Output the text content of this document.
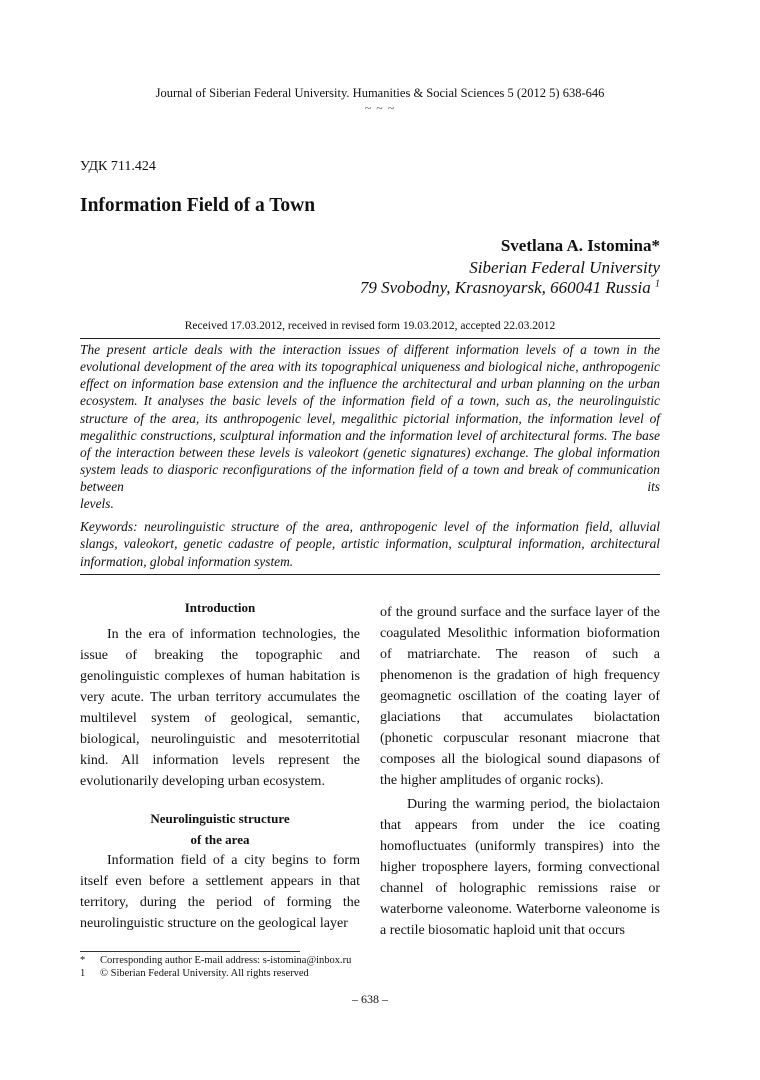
Journal of Siberian Federal University. Humanities & Social Sciences 5 (2012 5) 638-646
~ ~ ~
УДК 711.424
Information Field of a Town
Svetlana A. Istomina*
Siberian Federal University
79 Svobodny, Krasnoyarsk, 660041 Russia $^1$
Received 17.03.2012, received in revised form 19.03.2012, accepted 22.03.2012
The present article deals with the interaction issues of different information levels of a town in the evolutional development of the area with its topographical uniqueness and biological niche, anthropogenic effect on information base extension and the influence the architectural and urban planning on the urban ecosystem. It analyses the basic levels of the information field of a town, such as, the neurolinguistic structure of the area, its anthropogenic level, megalithic pictorial information, the information level of megalithic constructions, sculptural information and the information level of architectural forms. The base of the interaction between these levels is valeokort (genetic signatures) exchange. The global information system leads to diasporic reconfigurations of the information field of a town and break of communication between its
levels.
Keywords: neurolinguistic structure of the area, anthropogenic level of the information field, alluvial slangs, valeokort, genetic cadastre of people, artistic information, sculptural information, architectural information, global information system.
Introduction

In the era of information technologies, the issue of breaking the topographic and genolinguistic complexes of human habitation is very acute. The urban territory accumulates the multilevel system of geological, semantic, biological, neurolinguistic and mesoterritotial kind. All information levels represent the evolutionarily developing urban ecosystem.

Neurolinguistic structure
of the area

Information field of a city begins to form itself even before a settlement appears in that territory, during the period of forming the neurolinguistic structure on the geological layer

of the ground surface and the surface layer of the coagulated Mesolithic information bioformation of matriarchate. The reason of such a phenomenon is the gradation of high frequency geomagnetic oscillation of the coating layer of glaciations that accumulates biolactation (phonetic corpuscular resonant miacrone that composes all the biological sound diapasons of the higher amplitudes of organic rocks).

During the warming period, the biolactaion that appears from under the ice coating homofluctuates (uniformly transpires) into the higher troposphere layers, forming convectional channel of holographic remissions raise or waterborne valeonome. Waterborne valeonome is a rectile biosomatic haploid unit that occurs

* Corresponding author E-mail address: s-istomina@inbox.ru
1 © Siberian Federal University. All rights reserved
– 638 –
